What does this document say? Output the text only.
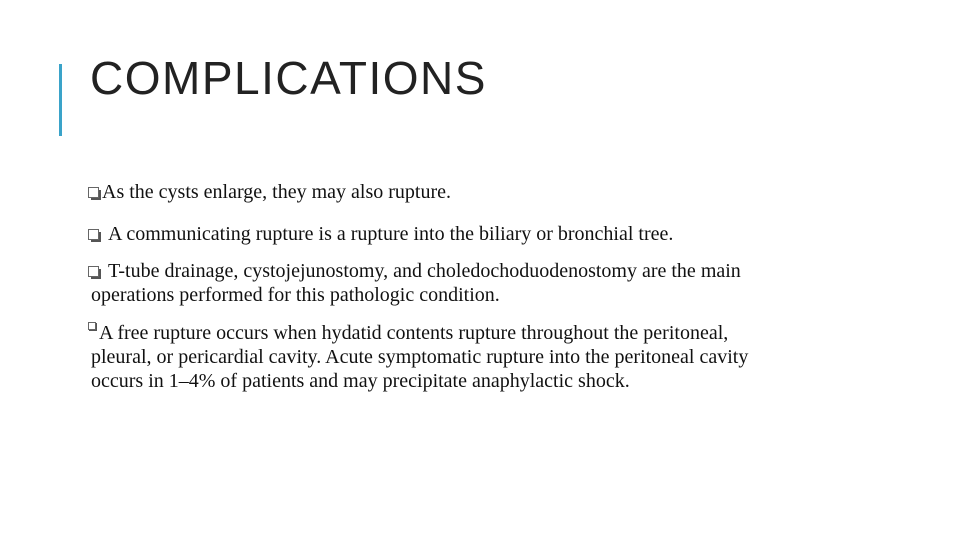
COMPLICATIONS
As the cysts enlarge, they may also rupture.
A communicating rupture is a rupture into the biliary or bronchial tree.
T-tube drainage, cystojejunostomy, and choledochoduodenostomy are the main
operations performed for this pathologic condition.
A free rupture occurs when hydatid contents rupture throughout the peritoneal,
pleural, or pericardial cavity. Acute symptomatic rupture into the peritoneal cavity
occurs in 1–4% of patients and may precipitate anaphylactic shock.
